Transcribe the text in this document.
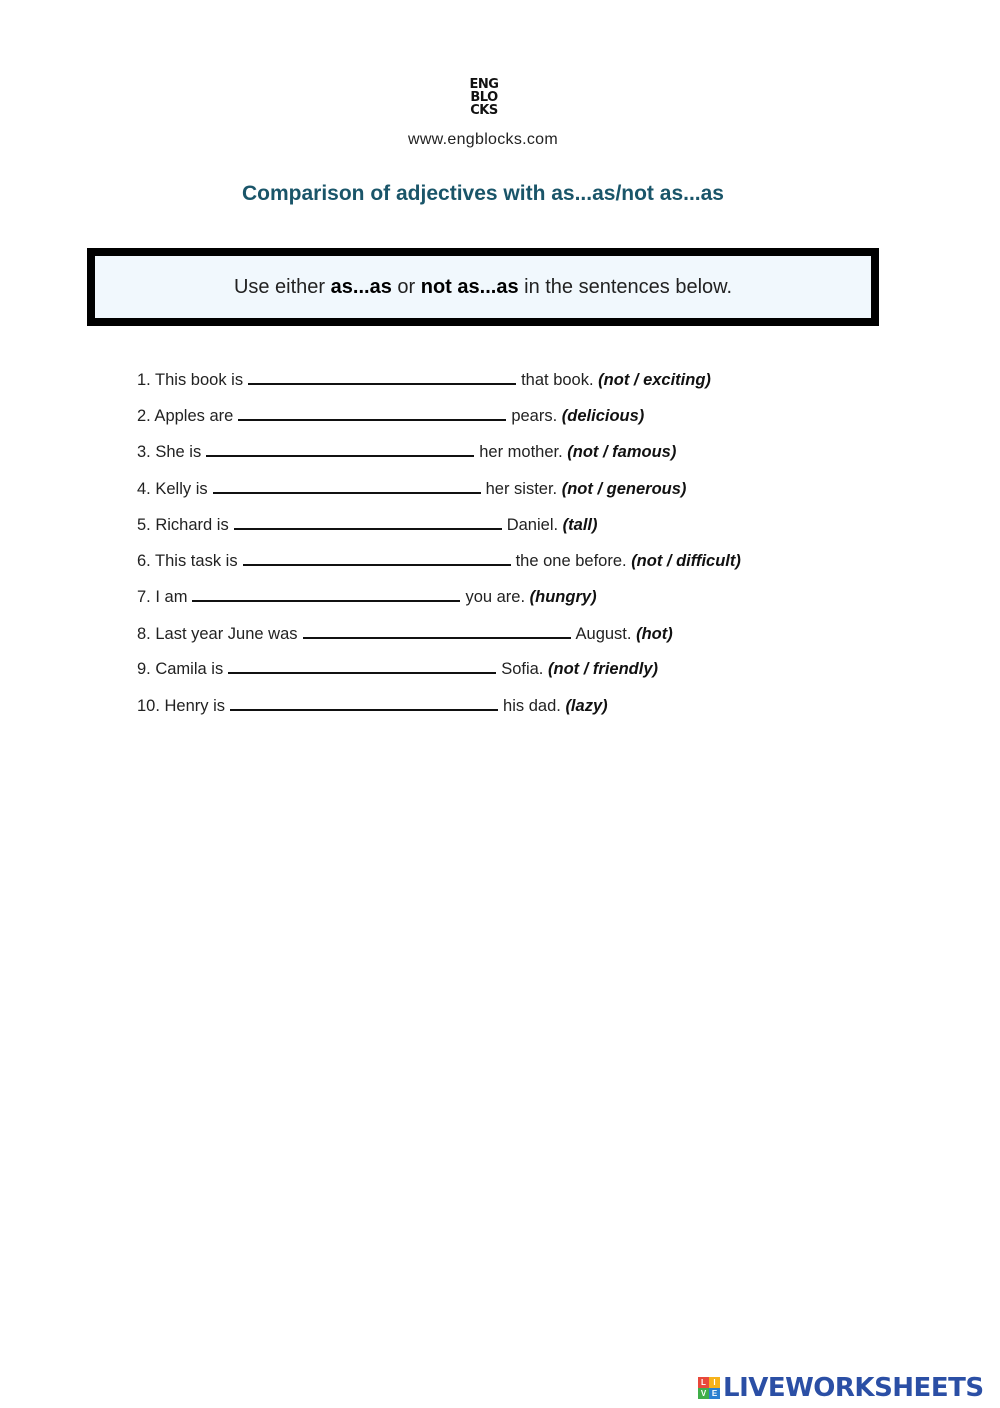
ENG
BLO
CKS
www.engblocks.com
Comparison of adjectives with as...as/not as...as
Use either as...as or not as...as in the sentences below.
1. This book is	that book. (not / exciting)
2. Apples are	pears. (delicious)
3. She is	her mother. (not / famous)
4. Kelly is	her sister. (not / generous)
5. Richard is	Daniel. (tall)
6. This task is	the one before. (not / difficult)
7. I am	you are. (hungry)
8. Last year June was	August. (hot)
9. Camila is	Sofia. (not / friendly)
10. Henry is	his dad. (lazy)
L I
V E LIVEWORKSHEETS
